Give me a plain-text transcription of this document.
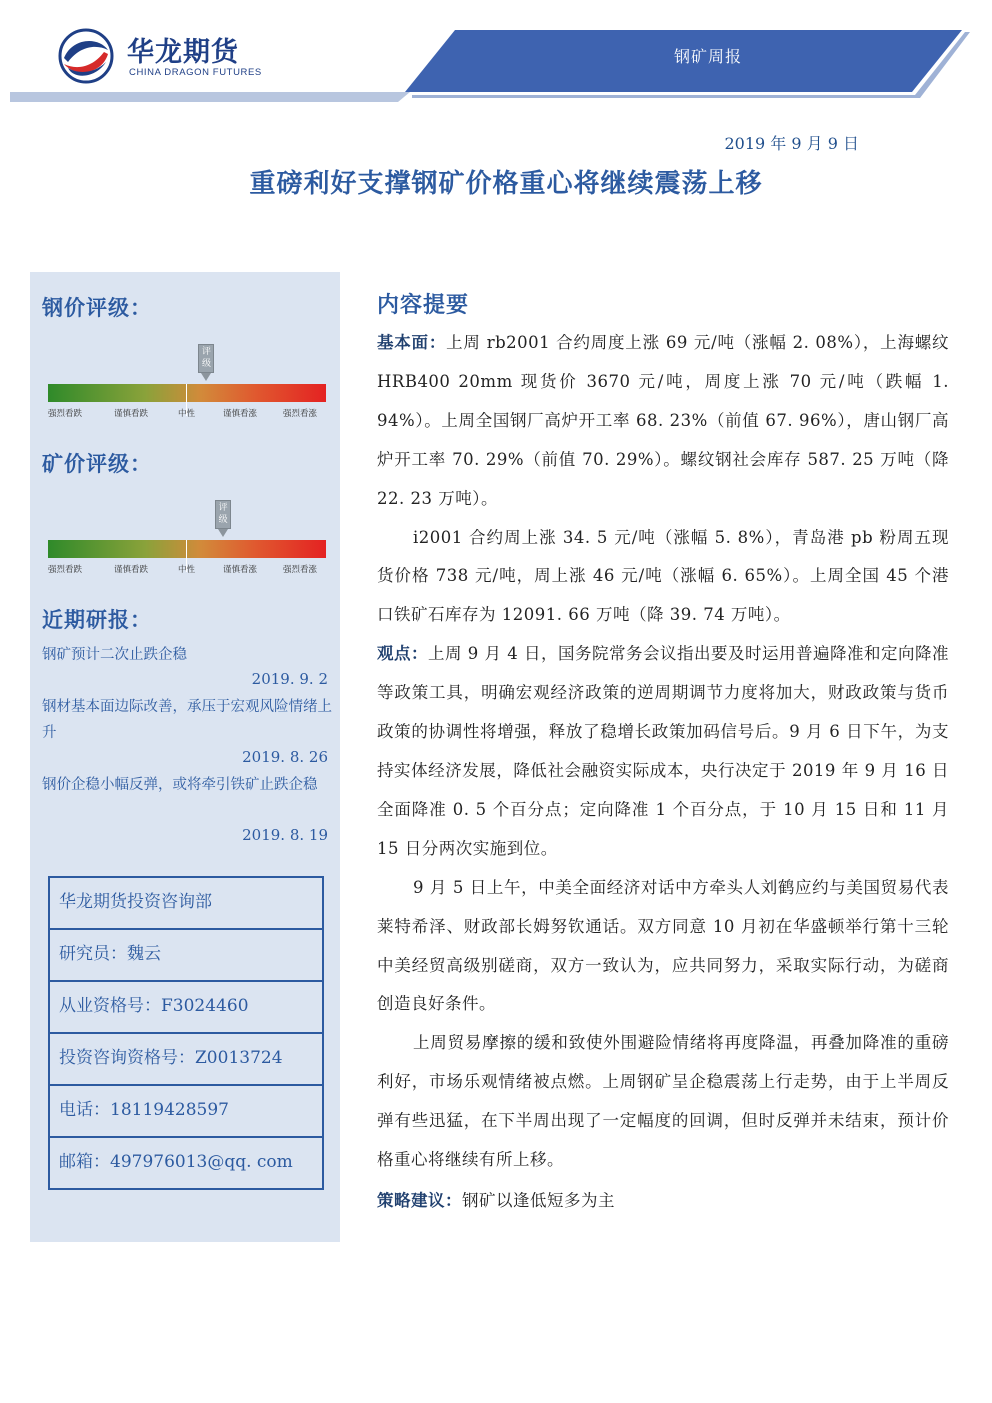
华龙期货
CHINA DRAGON FUTURES
钢矿周报
2019 年 9 月 9 日
重磅利好支撑钢矿价格重心将继续震荡上移
钢价评级：
评级
强烈看跌	谨慎看跌	中性	谨慎看涨	强烈看涨
矿价评级：
评级
强烈看跌	谨慎看跌	中性	谨慎看涨	强烈看涨
近期研报：
钢矿预计二次止跌企稳
2019. 9. 2
钢材基本面边际改善，承压于宏观风险情绪上升
2019. 8. 26
钢价企稳小幅反弹，或将牵引铁矿止跌企稳
2019. 8. 19
华龙期货投资咨询部
研究员：魏云
从业资格号：F3024460
投资咨询资格号：Z0013724
电话：18119428597
邮箱：497976013@qq. com
内容提要

基本面：上周 rb2001 合约周度上涨 69 元/吨（涨幅 2. 08%），上海螺纹 HRB400 20mm 现货价 3670 元/吨，周度上涨 70 元/吨（跌幅 1. 94%）。上周全国钢厂高炉开工率 68. 23%（前值 67. 96%），唐山钢厂高炉开工率 70. 29%（前值 70. 29%）。螺纹钢社会库存 587. 25 万吨（降 22. 23 万吨）。

i2001 合约周上涨 34. 5 元/吨（涨幅 5. 8%），青岛港 pb 粉周五现货价格 738 元/吨，周上涨 46 元/吨（涨幅 6. 65%）。上周全国 45 个港口铁矿石库存为 12091. 66 万吨（降 39. 74 万吨）。

观点：上周 9 月 4 日，国务院常务会议指出要及时运用普遍降准和定向降准等政策工具，明确宏观经济政策的逆周期调节力度将加大，财政政策与货币政策的协调性将增强，释放了稳增长政策加码信号后。9 月 6 日下午，为支持实体经济发展，降低社会融资实际成本，央行决定于 2019 年 9 月 16 日全面降准 0. 5 个百分点；定向降准 1 个百分点，于 10 月 15 日和 11 月 15 日分两次实施到位。

9 月 5 日上午，中美全面经济对话中方牵头人刘鹤应约与美国贸易代表莱特希泽、财政部长姆努钦通话。双方同意 10 月初在华盛顿举行第十三轮中美经贸高级别磋商，双方一致认为，应共同努力，采取实际行动，为磋商创造良好条件。

上周贸易摩擦的缓和致使外围避险情绪将再度降温，再叠加降准的重磅利好，市场乐观情绪被点燃。上周钢矿呈企稳震荡上行走势，由于上半周反弹有些迅猛，在下半周出现了一定幅度的回调，但时反弹并未结束，预计价格重心将继续有所上移。

策略建议：钢矿以逢低短多为主
